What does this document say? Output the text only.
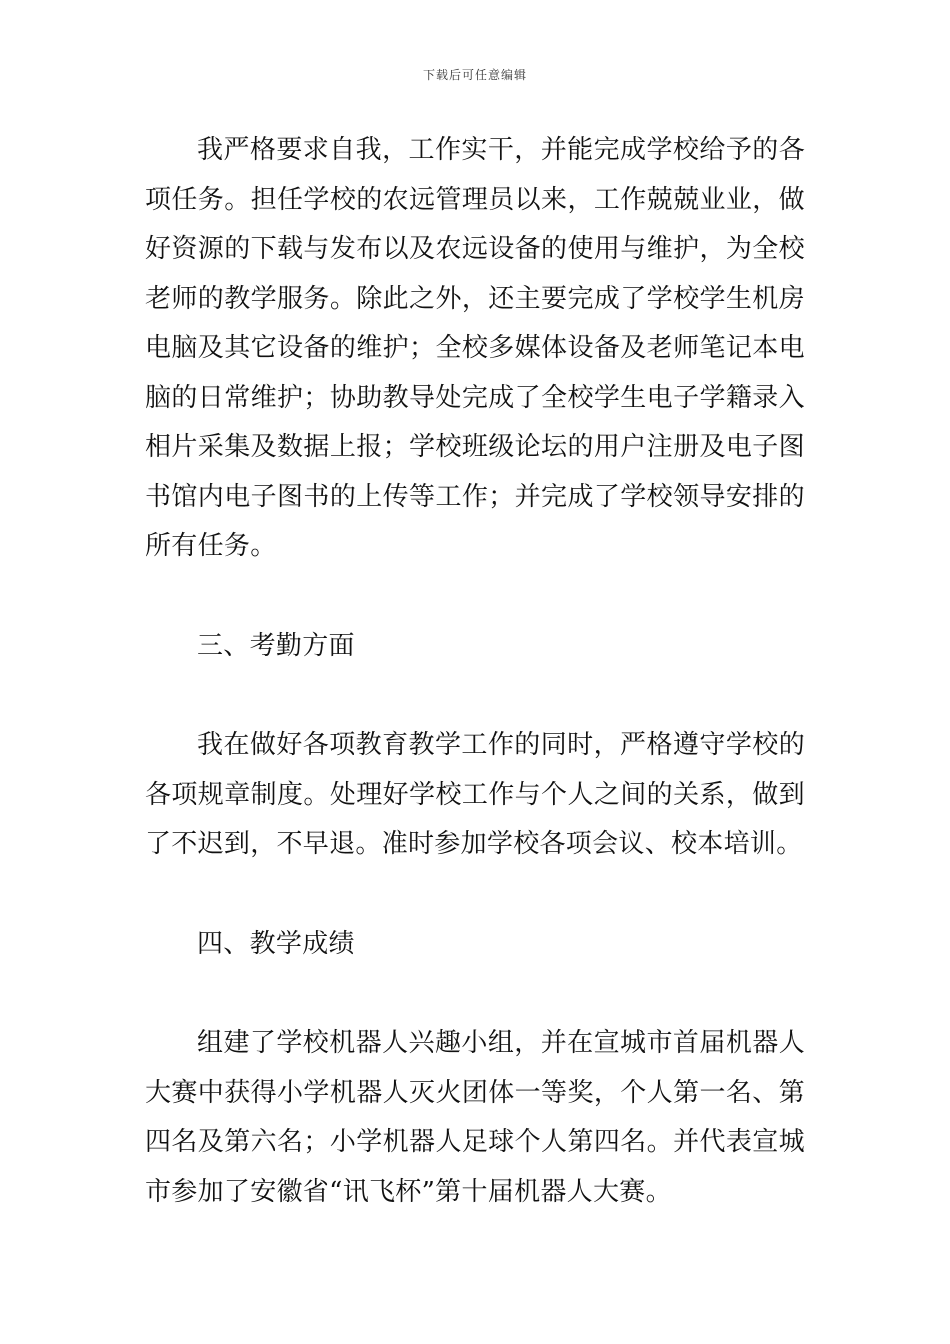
下载后可任意编辑

我严格要求自我，工作实干，并能完成学校给予的各项任务。担任学校的农远管理员以来，工作兢兢业业，做好资源的下载与发布以及农远设备的使用与维护，为全校老师的教学服务。除此之外，还主要完成了学校学生机房电脑及其它设备的维护；全校多媒体设备及老师笔记本电脑的日常维护；协助教导处完成了全校学生电子学籍录入相片采集及数据上报；学校班级论坛的用户注册及电子图书馆内电子图书的上传等工作；并完成了学校领导安排的所有任务。

三、考勤方面

我在做好各项教育教学工作的同时，严格遵守学校的各项规章制度。处理好学校工作与个人之间的关系，做到了不迟到，不早退。准时参加学校各项会议、校本培训。

四、教学成绩

组建了学校机器人兴趣小组，并在宣城市首届机器人大赛中获得小学机器人灭火团体一等奖，个人第一名、第四名及第六名；小学机器人足球个人第四名。并代表宣城市参加了安徽省“讯飞杯”第十届机器人大赛。
